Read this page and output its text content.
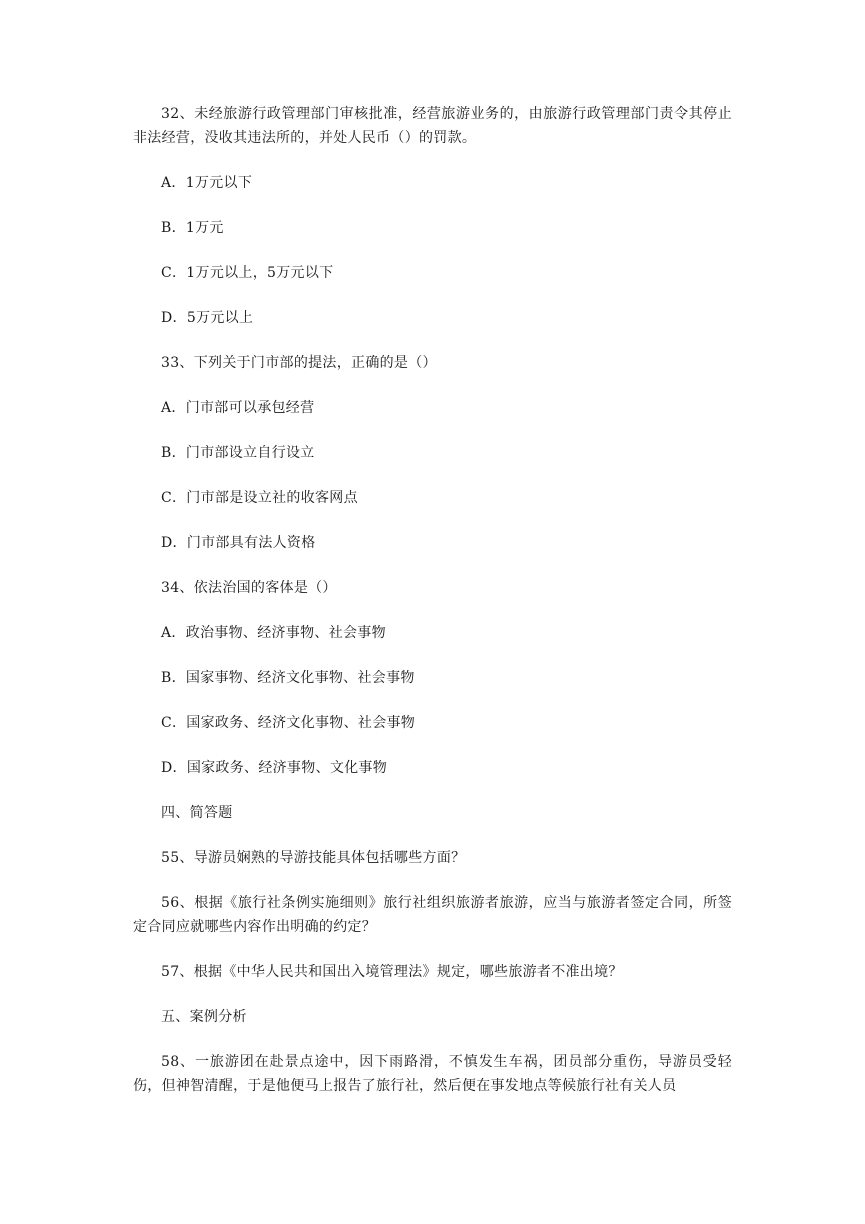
32、未经旅游行政管理部门审核批准，经营旅游业务的，由旅游行政管理部门责令其停止非法经营，没收其违法所的，并处人民币（）的罚款。

A．1万元以下

B．1万元

C．1万元以上，5万元以下

D．5万元以上

33、下列关于门市部的提法，正确的是（）

A．门市部可以承包经营

B．门市部设立自行设立

C．门市部是设立社的收客网点

D．门市部具有法人资格

34、依法治国的客体是（）

A．政治事物、经济事物、社会事物

B．国家事物、经济文化事物、社会事物

C．国家政务、经济文化事物、社会事物

D．国家政务、经济事物、文化事物

四、简答题

55、导游员娴熟的导游技能具体包括哪些方面？

56、根据《旅行社条例实施细则》旅行社组织旅游者旅游，应当与旅游者签定合同，所签定合同应就哪些内容作出明确的约定？

57、根据《中华人民共和国出入境管理法》规定，哪些旅游者不准出境？

五、案例分析

58、一旅游团在赴景点途中，因下雨路滑，不慎发生车祸，团员部分重伤，导游员受轻伤，但神智清醒，于是他便马上报告了旅行社，然后便在事发地点等候旅行社有关人员
